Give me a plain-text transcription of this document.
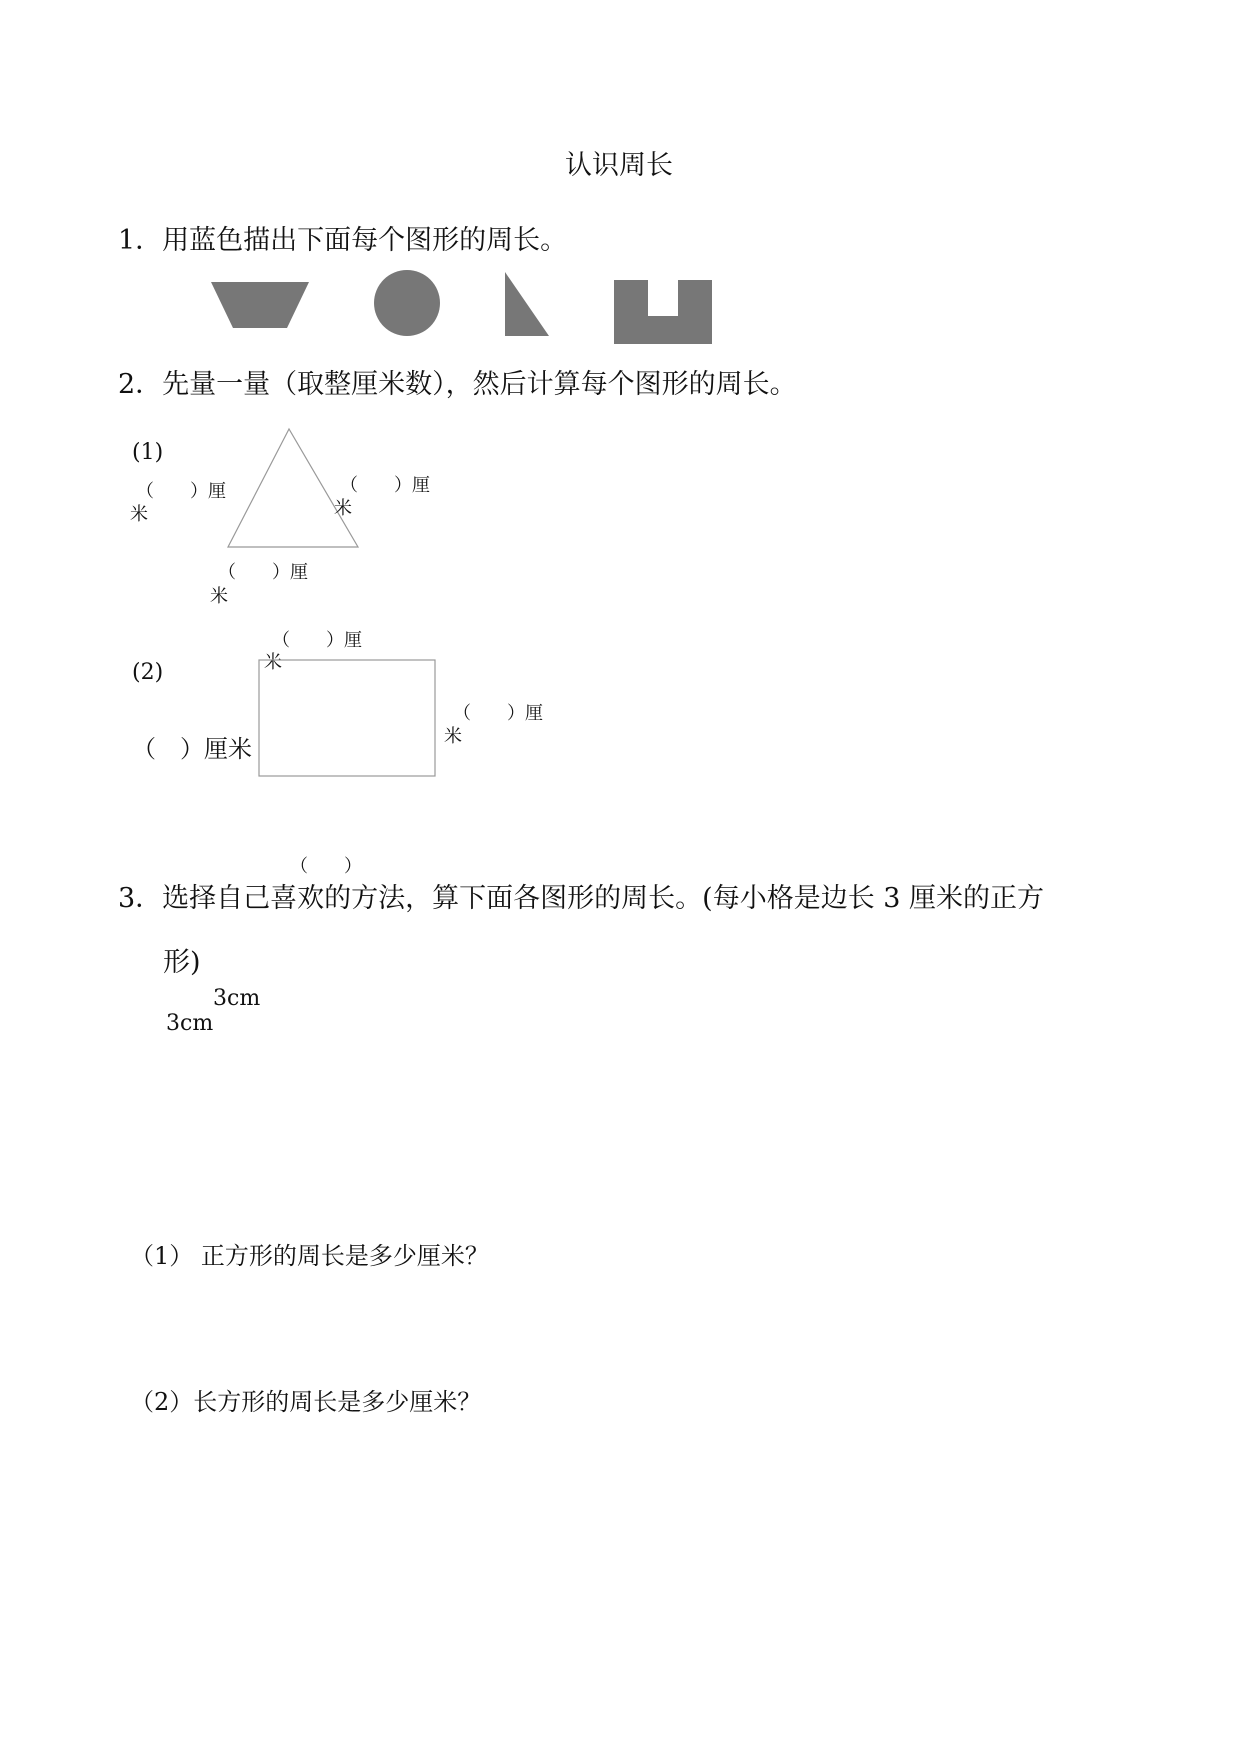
认识周长
1．用蓝色描出下面每个图形的周长。
2．先量一量（取整厘米数），然后计算每个图形的周长。
(1)
（　　）厘
米
（　　）厘
米
（　　）厘
米
(2)
（　　）厘
米
（　　）厘
米
（　）厘米
（　　）
3．选择自己喜欢的方法，算下面各图形的周长。(每小格是边长 3 厘米的正方
形)
3cm
3cm
（1） 正方形的周长是多少厘米？
（2）长方形的周长是多少厘米？
